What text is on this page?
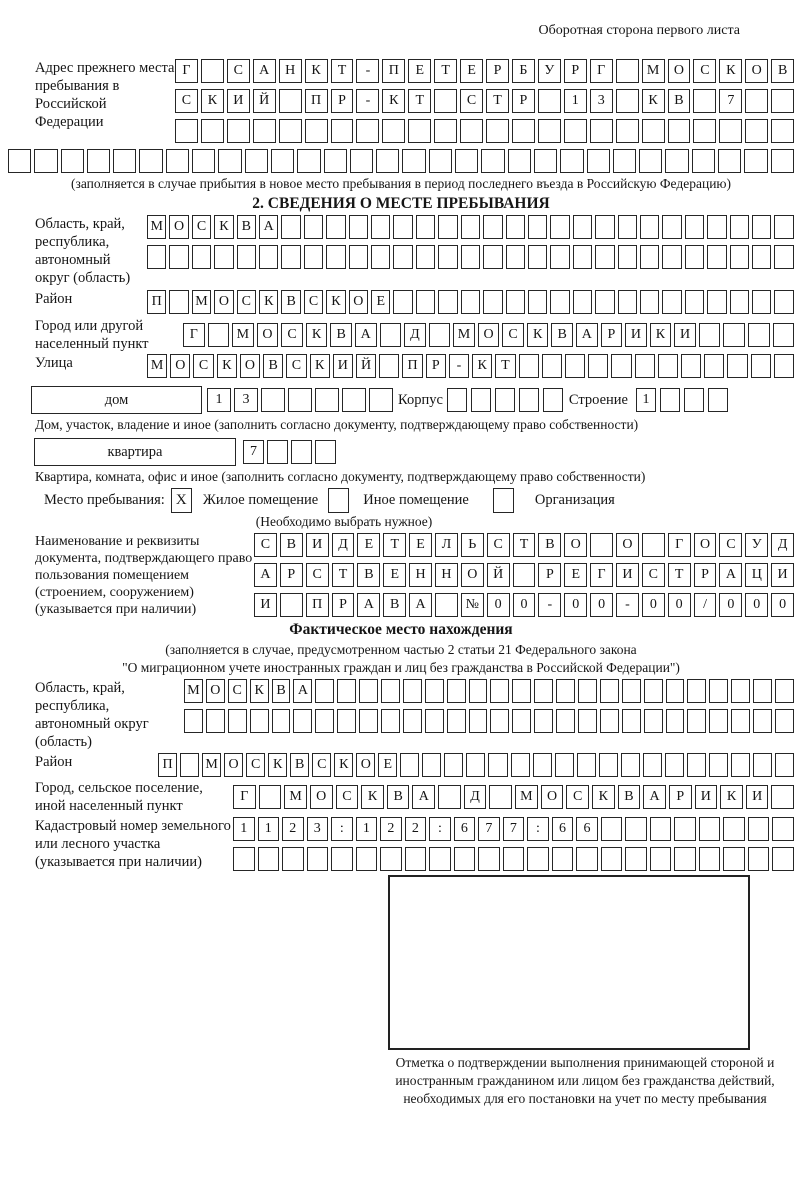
Оборотная сторона первого листа
Адрес прежнего места пребывания в Российской Федерации
Г	С	А	Н	К	Т	-	П	Е	Т	Е	Р	Б	У	Р	Г	М	О	С	К	О	В
С	К	И	Й	П	Р	-	К	Т	С	Т	Р	1	3	К	В	7
(заполняется в случае прибытия в новое место пребывания в период последнего въезда в Российскую Федерацию)
2. СВЕДЕНИЯ О МЕСТЕ ПРЕБЫВАНИЯ
Область, край, республика, автономный округ (область)
М О С К В А
Район	П	М О С К В С К О Е
Город или другой населенный пункт
Г	М О	С	К	В	А	Д	М О	С	К	В	А	Р	И	К	И
Улица	М О С К О В С К И Й	П	Р	-	К	Т
дом	1	3	Корпус	Строение	1
Дом, участок, владение и иное (заполнить согласно документу, подтверждающему право собственности)
квартира	7
Квартира, комната, офис и иное (заполнить согласно документу, подтверждающему право собственности)
Место пребывания: X	Жилое помещение	Иное помещение	Организация
(Необходимо выбрать нужное)
Наименование и реквизиты документа, подтверждающего право пользования помещением (строением, сооружением) (указывается при наличии)
С	В	И	Д	Е	Т	Е	Л	Ь	С	Т	В	О	О	Г	О	С	У	Д
А	Р	С	Т	В	Е	Н	Н	О	Й	Р	Е	Г	И	С	Т	Р	А	Ц	И
И	П	Р	А	В	А	№	0	0	-	0	0	-	0	0	/	0	0	0
Фактическое место нахождения
(заполняется в случае, предусмотренном частью 2 статьи 21 Федерального закона
"О миграционном учете иностранных граждан и лиц без гражданства в Российской Федерации")
Область, край, республика, автономный округ (область)
М О С К В А
Район	П	М О С К В С К О Е
Город, сельское поселение, иной населенный пункт
Г	М	О	С	К	В	А	Д	М	О	С	К	В	А	Р	И	К	И
Кадастровый номер земельного или лесного участка (указывается при наличии)
1	1	2	3	:	1	2	2	:	6	7	7	:	6	6
Отметка о подтверждении выполнения принимающей стороной и иностранным гражданином или лицом без гражданства действий, необходимых для его постановки на учет по месту пребывания
